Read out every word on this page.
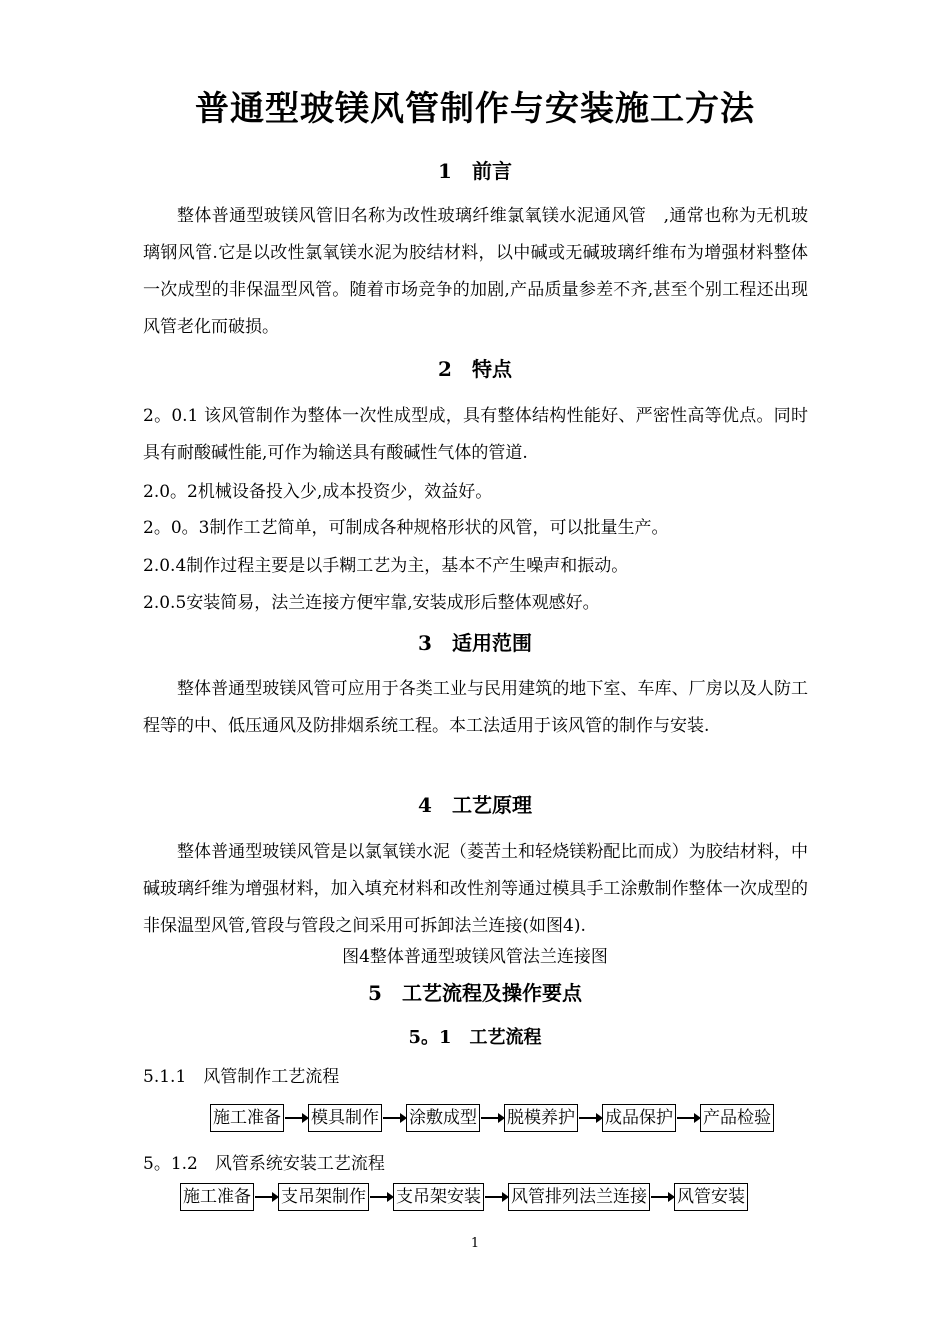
普通型玻镁风管制作与安装施工方法
1　前言
整体普通型玻镁风管旧名称为改性玻璃纤维氯氧镁水泥通风管　,通常也称为无机玻璃钢风管.它是以改性氯氧镁水泥为胶结材料，以中碱或无碱玻璃纤维布为增强材料整体一次成型的非保温型风管。随着市场竞争的加剧,产品质量参差不齐,甚至个别工程还出现风管老化而破损。
2　特点
2。0.1 该风管制作为整体一次性成型成，具有整体结构性能好、严密性高等优点。同时具有耐酸碱性能,可作为输送具有酸碱性气体的管道.
2.0。2机械设备投入少,成本投资少，效益好。
2。0。3制作工艺简单，可制成各种规格形状的风管，可以批量生产。
2.0.4制作过程主要是以手糊工艺为主，基本不产生噪声和振动。
2.0.5安装简易，法兰连接方便牢靠,安装成形后整体观感好。
3　适用范围
整体普通型玻镁风管可应用于各类工业与民用建筑的地下室、车库、厂房以及人防工程等的中、低压通风及防排烟系统工程。本工法适用于该风管的制作与安装.
4　工艺原理
整体普通型玻镁风管是以氯氧镁水泥（菱苦土和轻烧镁粉配比而成）为胶结材料，中碱玻璃纤维为增强材料，加入填充材料和改性剂等通过模具手工涂敷制作整体一次成型的非保温型风管,管段与管段之间采用可拆卸法兰连接(如图4).
图4整体普通型玻镁风管法兰连接图
5　工艺流程及操作要点
5。1　工艺流程
5.1.1　风管制作工艺流程
施工准备 模具制作 涂敷成型 脱模养护 成品保护 产品检验
5。1.2　风管系统安装工艺流程
施工准备 支吊架制作 支吊架安装 风管排列法兰连接 风管安装
1
